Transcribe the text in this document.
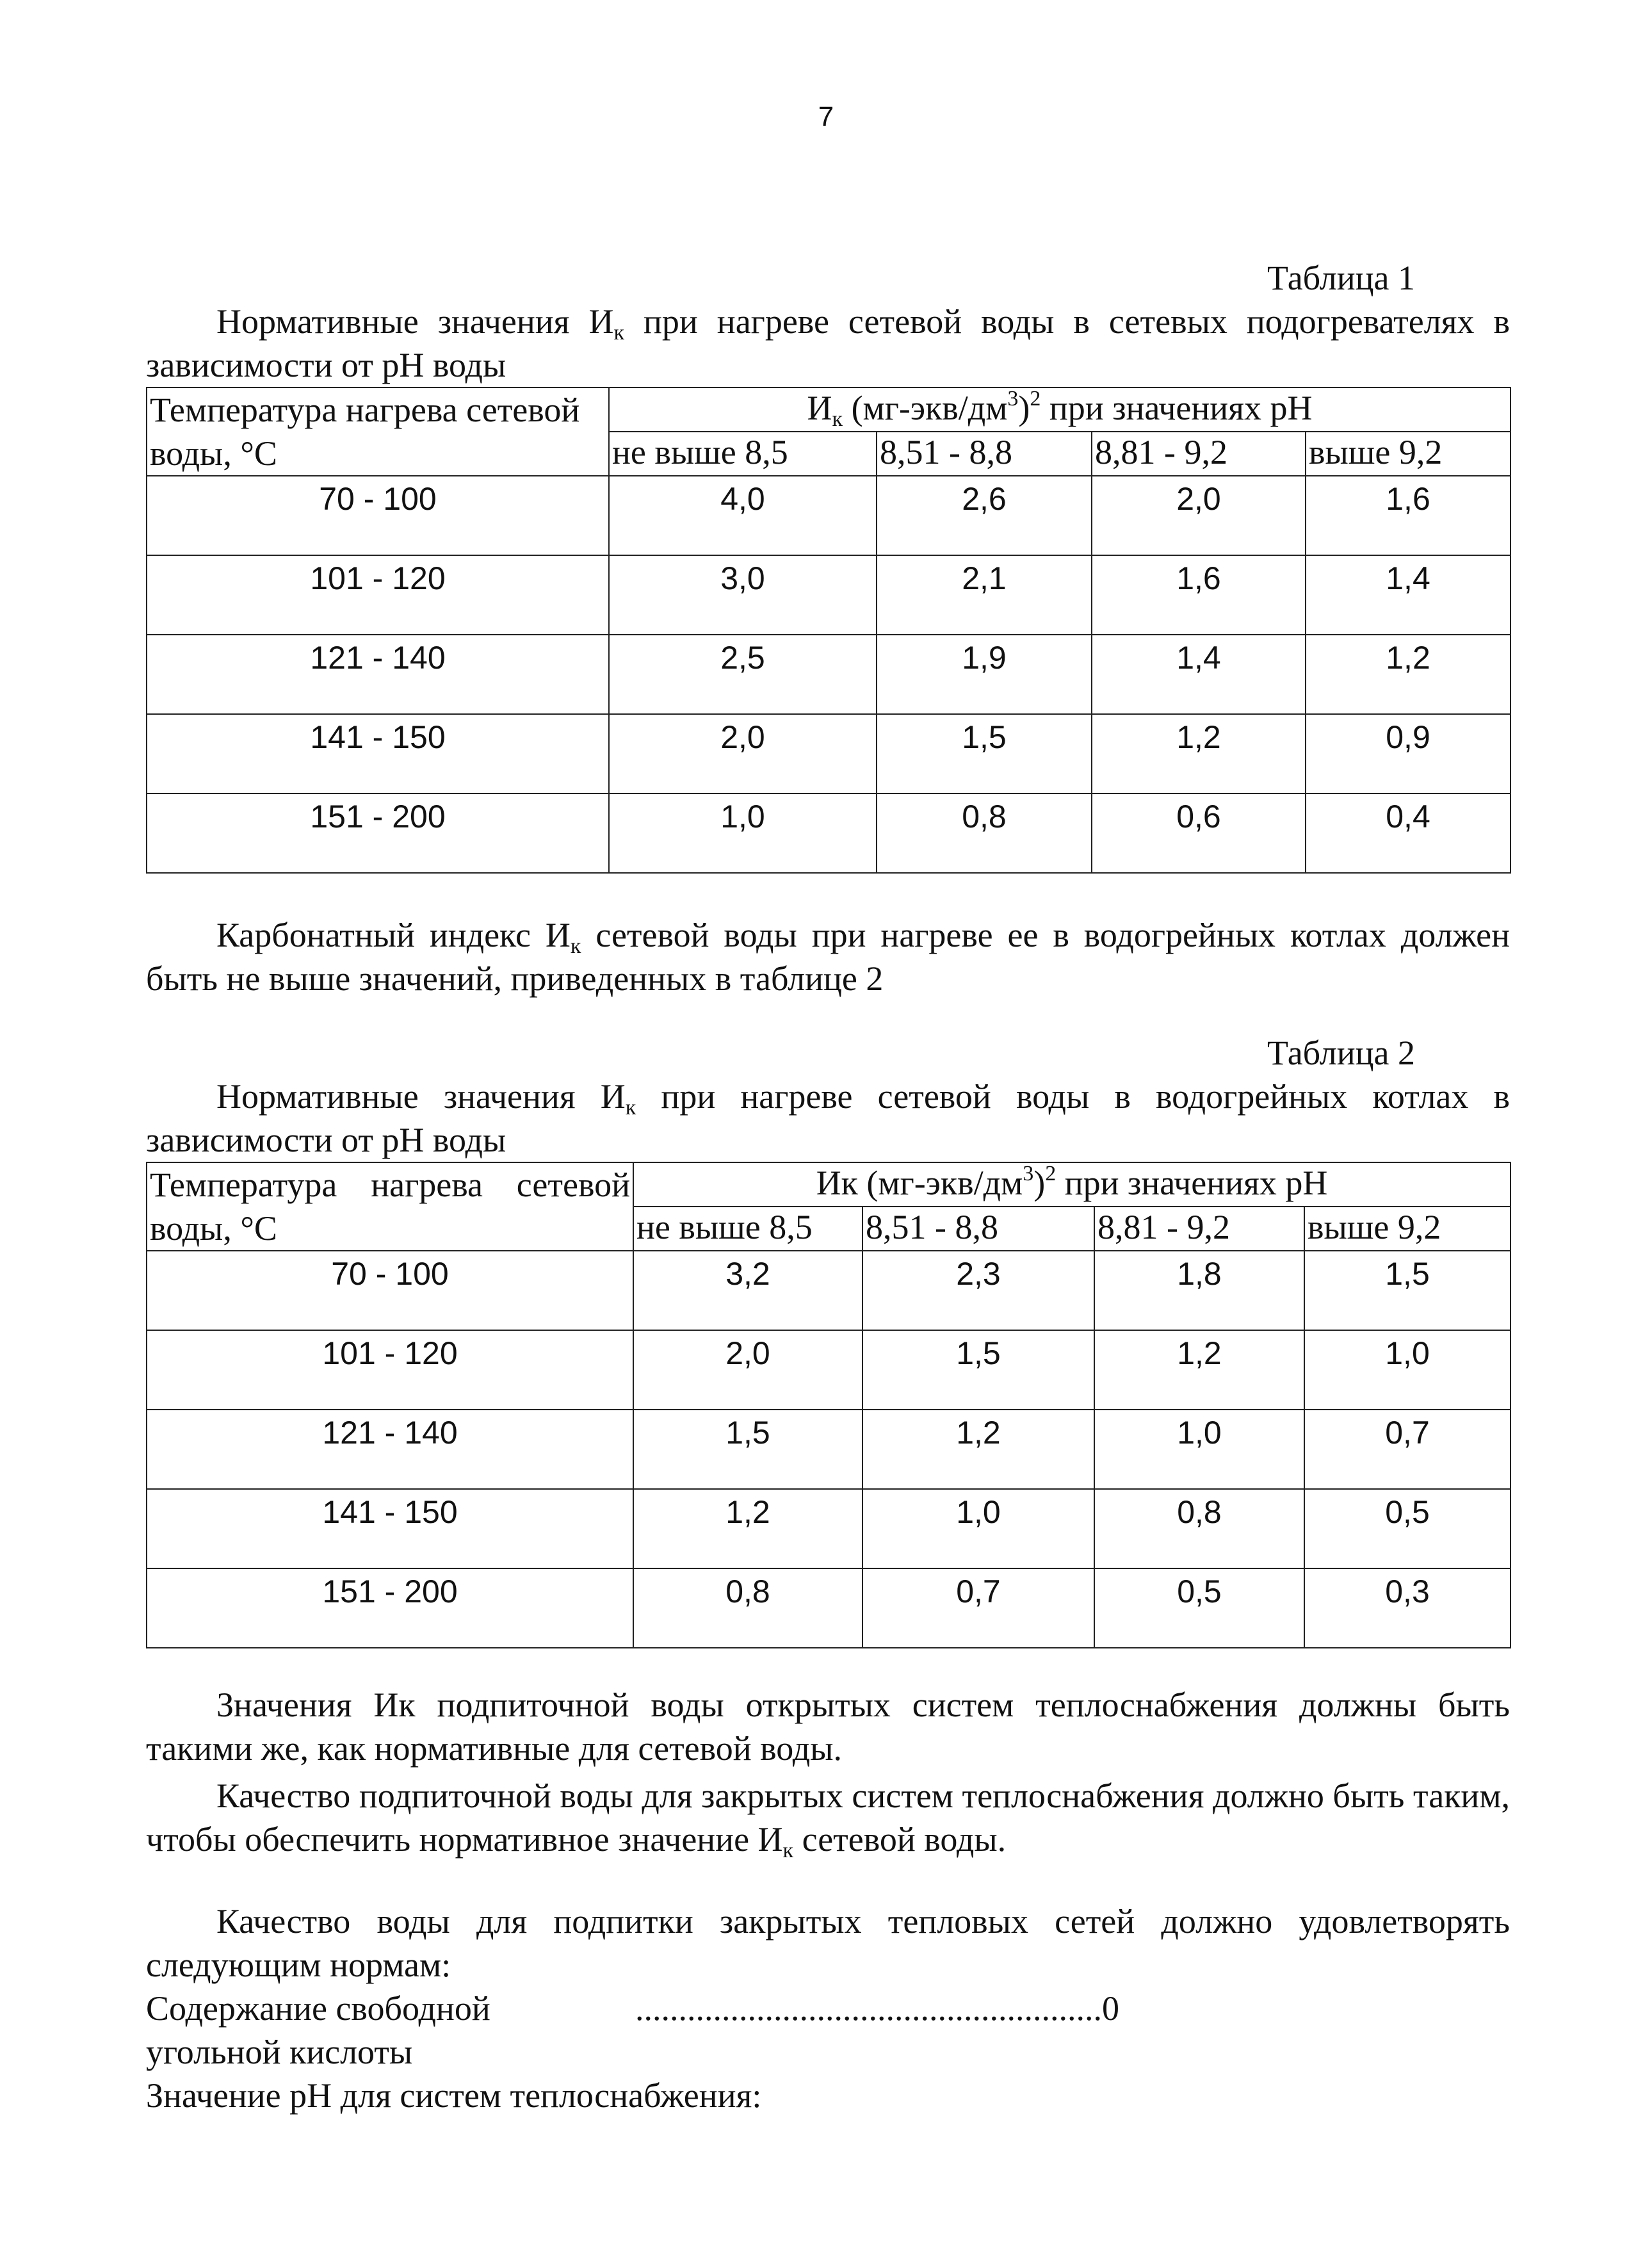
7
Таблица 1
Нормативные значения $И_к$ при нагреве сетевой воды в сетевых подогревателях в зависимости от pH воды
Температура нагрева сетевой воды, °С	$И_к$ $(мг-экв/дм^3)^2$ при значениях pH			
	не выше 8,5	8,51 - 8,8	8,81 - 9,2	выше 9,2
70 - 100	4,0	2,6	2,0	1,6
101 - 120	3,0	2,1	1,6	1,4
121 - 140	2,5	1,9	1,4	1,2
141 - 150	2,0	1,5	1,2	0,9
151 - 200	1,0	0,8	0,6	0,4
Карбонатный индекс $И_к$ сетевой воды при нагреве ее в водогрейных котлах должен быть не выше значений, приведенных в таблице 2
Таблица 2
Нормативные значения $И_к$ при нагреве сетевой воды в водогрейных котлах в зависимости от pH воды
Температура нагрева сетевой воды, °С	Ик $(мг-экв/дм^3)^2$ при значениях pH			
	не выше 8,5	8,51 - 8,8	8,81 - 9,2	выше 9,2
70 - 100	3,2	2,3	1,8	1,5
101 - 120	2,0	1,5	1,2	1,0
121 - 140	1,5	1,2	1,0	0,7
141 - 150	1,2	1,0	0,8	0,5
151 - 200	0,8	0,7	0,5	0,3
Значения Ик подпиточной воды открытых систем теплоснабжения должны быть такими же, как нормативные для сетевой воды.
Качество подпиточной воды для закрытых систем теплоснабжения должно быть таким, чтобы обеспечить нормативное значение $И_к$ сетевой воды.
Качество воды для подпитки закрытых тепловых сетей должно удовлетворять следующим нормам:
Содержание свободной угольной кислоты

...................................................... 0
Значение pH для систем теплоснабжения:
